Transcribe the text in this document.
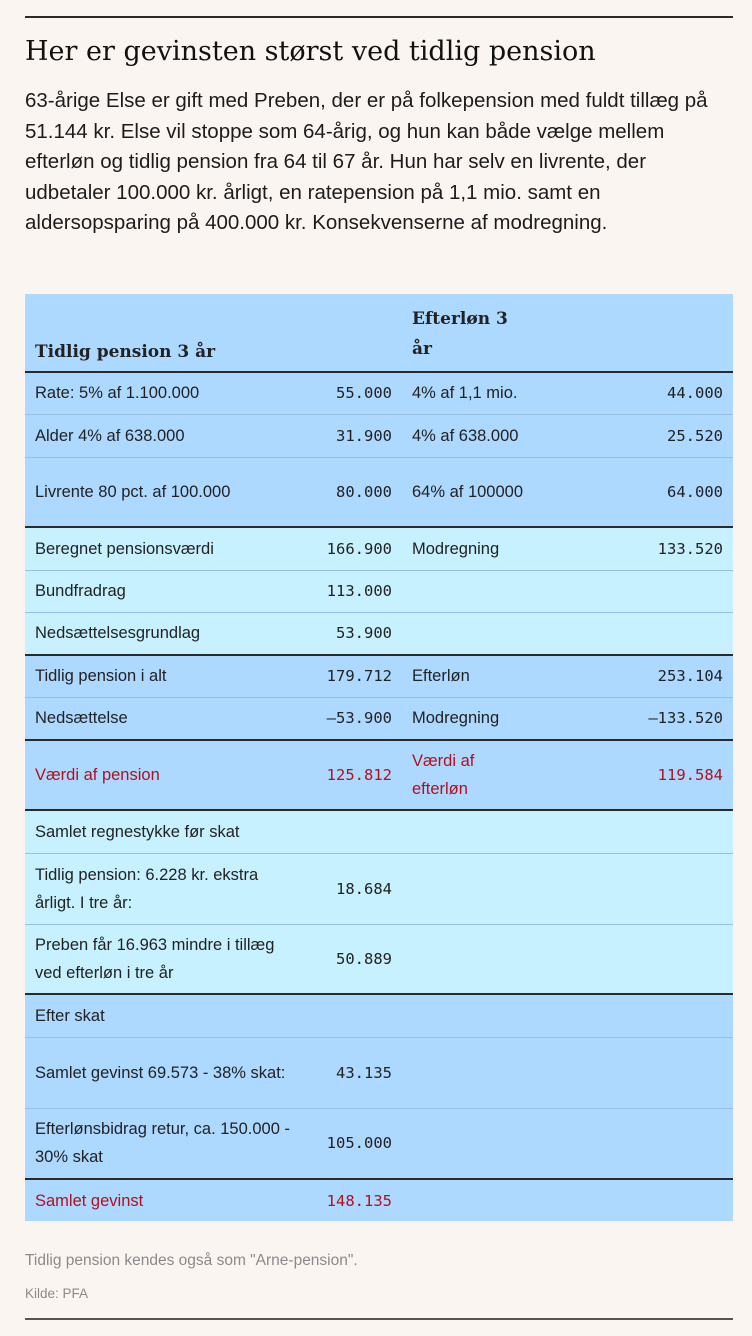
Her er gevinsten størst ved tidlig pension

63-årige Else er gift med Preben, der er på folkepension med fuldt tillæg på 51.144 kr. Else vil stoppe som 64-årig, og hun kan både vælge mellem efterløn og tidlig pension fra 64 til 67 år. Hun har selv en livrente, der udbetaler 100.000 kr. årligt, en ratepension på 1,1 mio. samt en aldersopsparing på 400.000 kr. Konsekvenserne af modregning.

Tidlig pension 3 år		Efterløn 3 år	

Rate: 5% af 1.100.000	55.000	4% af 1,1 mio.	44.000
Alder 4% af 638.000	31.900	4% af 638.000	25.520
Livrente 80 pct. af 100.000	80.000	64% af 100000	64.000
Beregnet pensionsværdi	166.900	Modregning	133.520
Bundfradrag	113.000		
Nedsættelsesgrundlag	53.900		
Tidlig pension i alt	179.712	Efterløn	253.104
Nedsættelse	–53.900	Modregning	–133.520
Værdi af pension	125.812	Værdi af efterløn	119.584
Samlet regnestykke før skat			
Tidlig pension: 6.228 kr. ekstra årligt. I tre år:	18.684		
Preben får 16.963 mindre i tillæg ved efterløn i tre år	50.889		
Efter skat			
Samlet gevinst 69.573 - 38% skat:	43.135		
Efterlønsbidrag retur, ca. 150.000 - 30% skat	105.000		
Samlet gevinst	148.135		

Tidlig pension kendes også som "Arne-pension".

Kilde: PFA
